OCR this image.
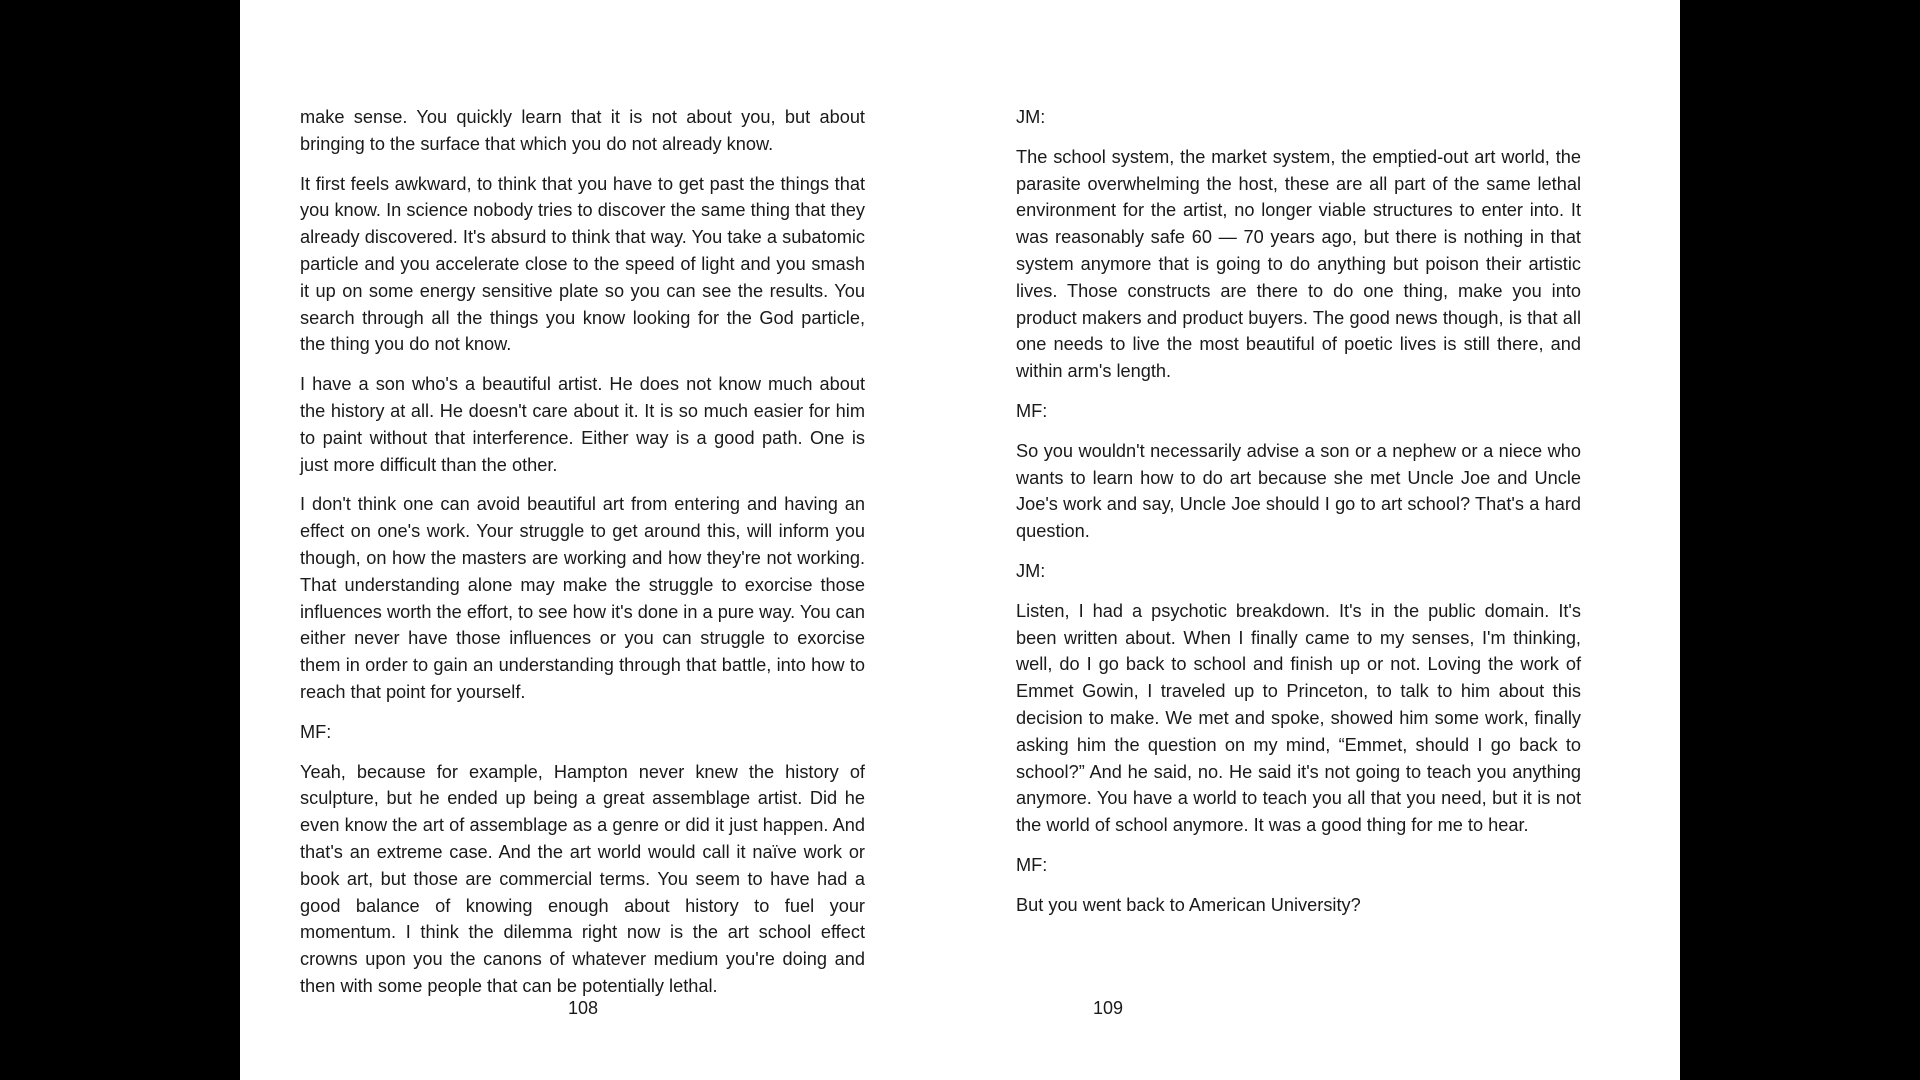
make sense. You quickly learn that it is not about you, but about bringing to the surface that which you do not already know.

It first feels awkward, to think that you have to get past the things that you know. In science nobody tries to discover the same thing that they already discovered. It's absurd to think that way. You take a subatomic particle and you accelerate close to the speed of light and you smash it up on some energy sensitive plate so you can see the results. You search through all the things you know looking for the God particle, the thing you do not know.

I have a son who's a beautiful artist. He does not know much about the history at all. He doesn't care about it. It is so much easier for him to paint without that interference. Either way is a good path. One is just more difficult than the other.

I don't think one can avoid beautiful art from entering and having an effect on one's work. Your struggle to get around this, will inform you though, on how the masters are working and how they're not working. That understanding alone may make the struggle to exorcise those influences worth the effort, to see how it's done in a pure way. You can either never have those influences or you can struggle to exorcise them in order to gain an understanding through that battle, into how to reach that point for yourself.

MF:

Yeah, because for example, Hampton never knew the history of sculpture, but he ended up being a great assemblage artist. Did he even know the art of assemblage as a genre or did it just happen. And that's an extreme case. And the art world would call it naïve work or book art, but those are commercial terms. You seem to have had a good balance of knowing enough about history to fuel your momentum. I think the dilemma right now is the art school effect crowns upon you the canons of whatever medium you're doing and then with some people that can be potentially lethal.

108

JM:

The school system, the market system, the emptied-out art world, the parasite overwhelming the host, these are all part of the same lethal environment for the artist, no longer viable structures to enter into. It was reasonably safe 60 — 70 years ago, but there is nothing in that system anymore that is going to do anything but poison their artistic lives. Those constructs are there to do one thing, make you into product makers and product buyers. The good news though, is that all one needs to live the most beautiful of poetic lives is still there, and within arm's length.

MF:

So you wouldn't necessarily advise a son or a nephew or a niece who wants to learn how to do art because she met Uncle Joe and Uncle Joe's work and say, Uncle Joe should I go to art school? That's a hard question.

JM:

Listen, I had a psychotic breakdown. It's in the public domain. It's been written about. When I finally came to my senses, I'm thinking, well, do I go back to school and finish up or not. Loving the work of Emmet Gowin, I traveled up to Princeton, to talk to him about this decision to make. We met and spoke, showed him some work, finally asking him the question on my mind, “Emmet, should I go back to school?” And he said, no. He said it's not going to teach you anything anymore. You have a world to teach you all that you need, but it is not the world of school anymore. It was a good thing for me to hear.

MF:

But you went back to American University?

109
